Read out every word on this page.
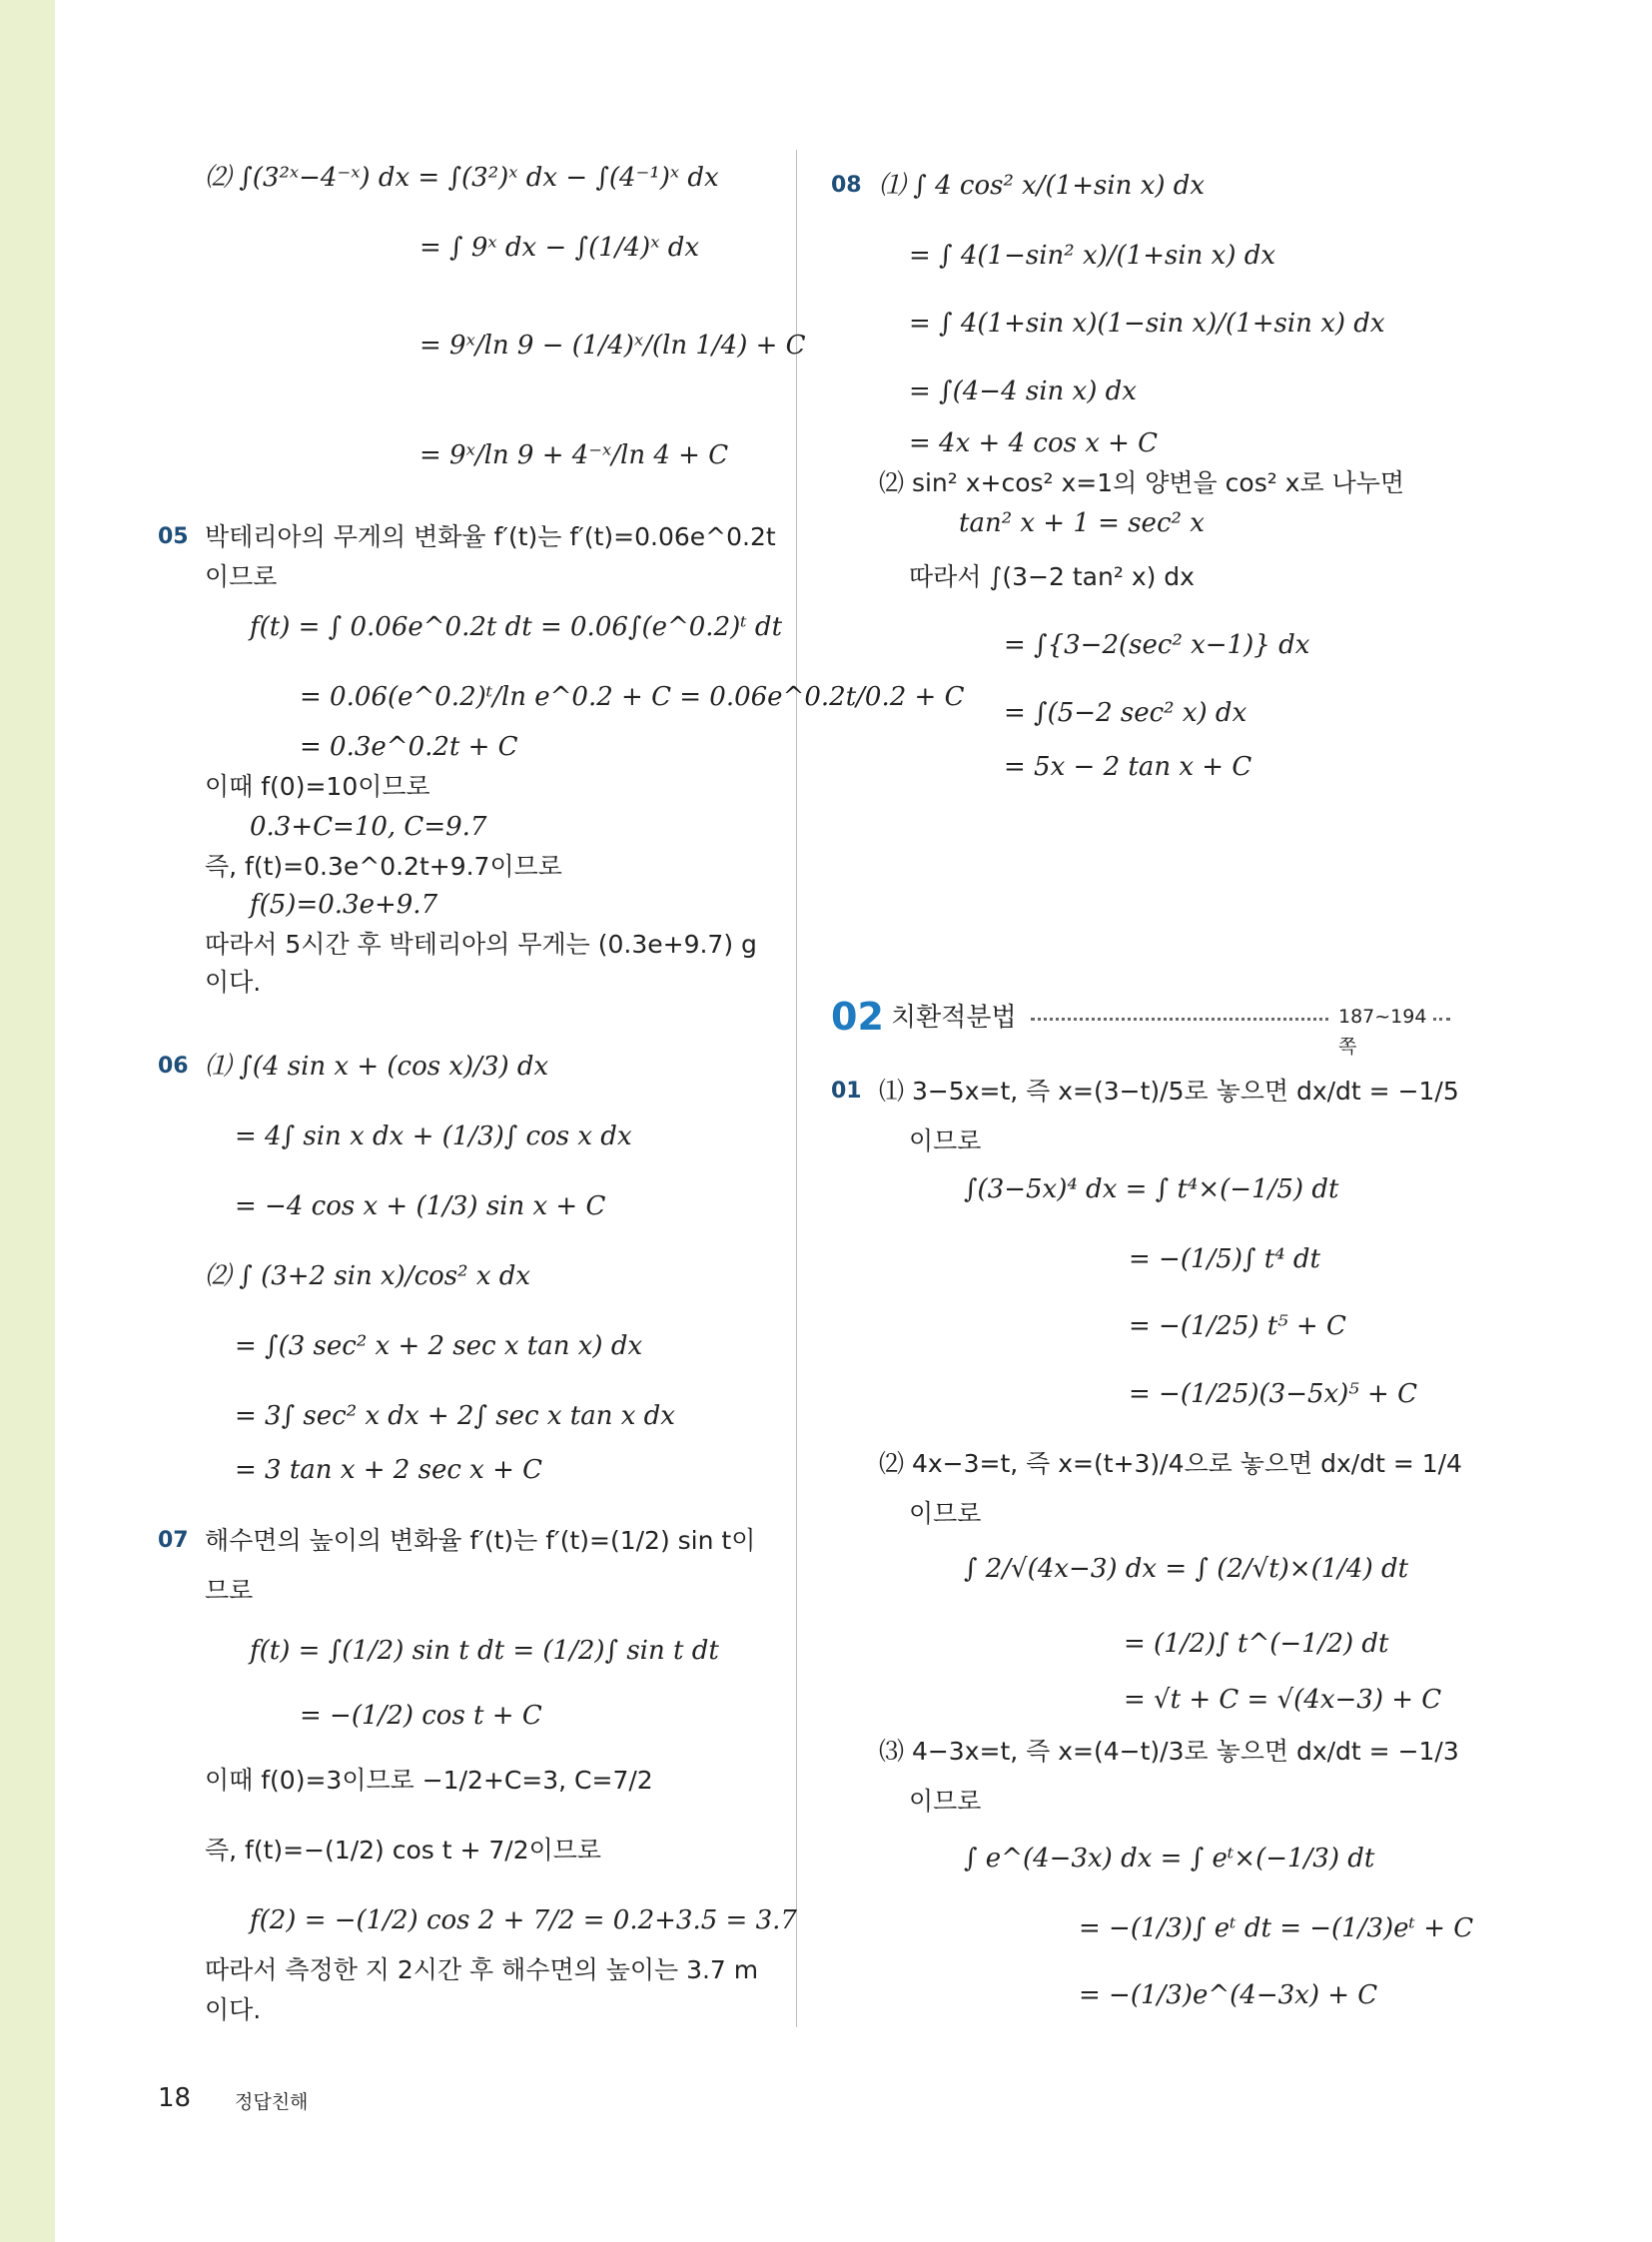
⑵ ∫(3²ˣ−4⁻ˣ) dx = ∫(3²)ˣ dx − ∫(4⁻¹)ˣ dx
= ∫ 9ˣ dx − ∫(1/4)ˣ dx
= 9ˣ/ln 9 − (1/4)ˣ/(ln 1/4) + C
= 9ˣ/ln 9 + 4⁻ˣ/ln 4 + C
05 박테리아의 무게의 변화율 f′(t)는 f′(t)=0.06e^0.2t
이므로
f(t) = ∫ 0.06e^0.2t dt = 0.06∫(e^0.2)ᵗ dt
= 0.06(e^0.2)ᵗ/ln e^0.2 + C = 0.06e^0.2t/0.2 + C
= 0.3e^0.2t + C
이때 f(0)=10이므로
0.3+C=10, C=9.7
즉, f(t)=0.3e^0.2t+9.7이므로
f(5)=0.3e+9.7
따라서 5시간 후 박테리아의 무게는 (0.3e+9.7) g
이다.
06 ⑴ ∫(4 sin x + (cos x)/3) dx
= 4∫ sin x dx + (1/3)∫ cos x dx
= −4 cos x + (1/3) sin x + C
⑵ ∫ (3+2 sin x)/cos² x dx
= ∫(3 sec² x + 2 sec x tan x) dx
= 3∫ sec² x dx + 2∫ sec x tan x dx
= 3 tan x + 2 sec x + C
07 해수면의 높이의 변화율 f′(t)는 f′(t)=(1/2) sin t이
므로
f(t) = ∫(1/2) sin t dt = (1/2)∫ sin t dt
= −(1/2) cos t + C
이때 f(0)=3이므로 −1/2+C=3, C=7/2
즉, f(t)=−(1/2) cos t + 7/2이므로
f(2) = −(1/2) cos 2 + 7/2 = 0.2+3.5 = 3.7
따라서 측정한 지 2시간 후 해수면의 높이는 3.7 m
이다.
08 ⑴ ∫ 4 cos² x/(1+sin x) dx
= ∫ 4(1−sin² x)/(1+sin x) dx
= ∫ 4(1+sin x)(1−sin x)/(1+sin x) dx
= ∫(4−4 sin x) dx
= 4x + 4 cos x + C
⑵ sin² x+cos² x=1의 양변을 cos² x로 나누면
tan² x + 1 = sec² x
따라서 ∫(3−2 tan² x) dx
= ∫{3−2(sec² x−1)} dx
= ∫(5−2 sec² x) dx
= 5x − 2 tan x + C
01 ⑴ 3−5x=t, 즉 x=(3−t)/5로 놓으면 dx/dt = −1/5
이므로
∫(3−5x)⁴ dx = ∫ t⁴×(−1/5) dt
= −(1/5)∫ t⁴ dt
= −(1/25) t⁵ + C
= −(1/25)(3−5x)⁵ + C
⑵ 4x−3=t, 즉 x=(t+3)/4으로 놓으면 dx/dt = 1/4
이므로
∫ 2/√(4x−3) dx = ∫ (2/√t)×(1/4) dt
= (1/2)∫ t^(−1/2) dt
= √t + C = √(4x−3) + C
⑶ 4−3x=t, 즉 x=(4−t)/3로 놓으면 dx/dt = −1/3
이므로
∫ e^(4−3x) dx = ∫ eᵗ×(−1/3) dt
= −(1/3)∫ eᵗ dt = −(1/3)eᵗ + C
= −(1/3)e^(4−3x) + C
02 치환적분법	187~194쪽
18 정답친해
